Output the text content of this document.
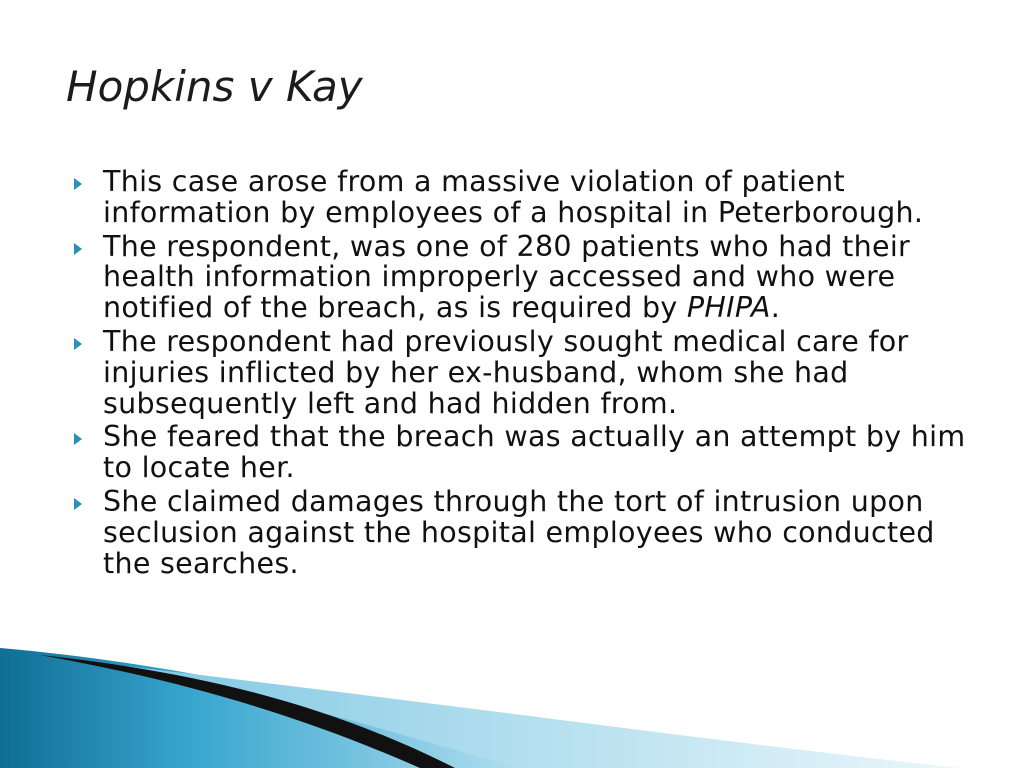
Hopkins v Kay
This case arose from a massive violation of patient information by employees of a hospital in Peterborough.
The respondent, was one of 280 patients who had their health information improperly accessed and who were notified of the breach, as is required by PHIPA.
The respondent had previously sought medical care for injuries inflicted by her ex-husband, whom she had subsequently left and had hidden from.
She feared that the breach was actually an attempt by him to locate her.
She claimed damages through the tort of intrusion upon seclusion against the hospital employees who conducted the searches.
